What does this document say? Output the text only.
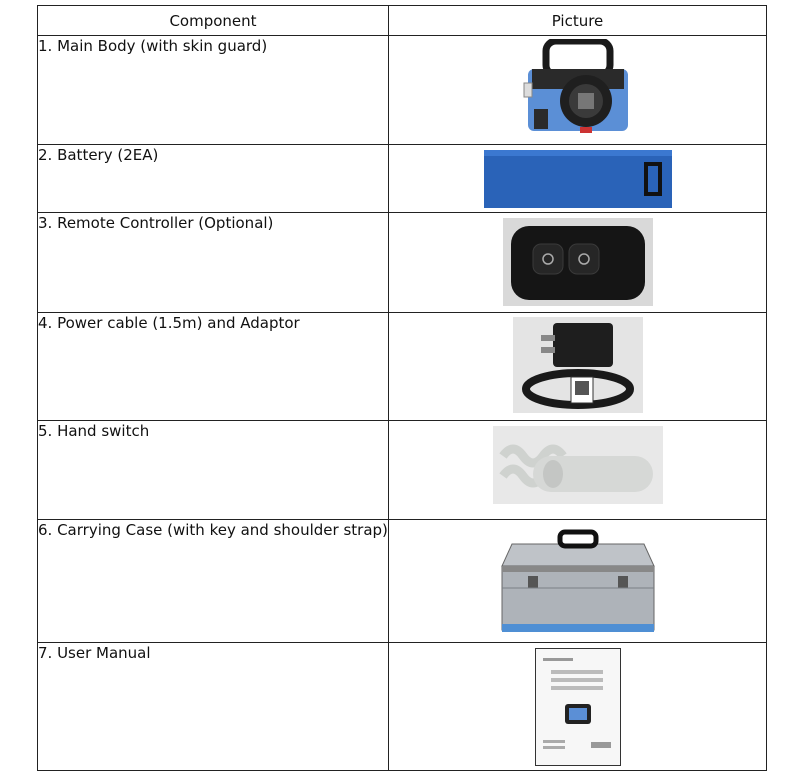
Component	Picture
1. Main Body (with skin guard)	

2. Battery (2EA)	

3. Remote Controller (Optional)	

4. Power cable (1.5m) and Adaptor	

5. Hand switch	

6. Carrying Case (with key and shoulder strap)	

7. User Manual	
